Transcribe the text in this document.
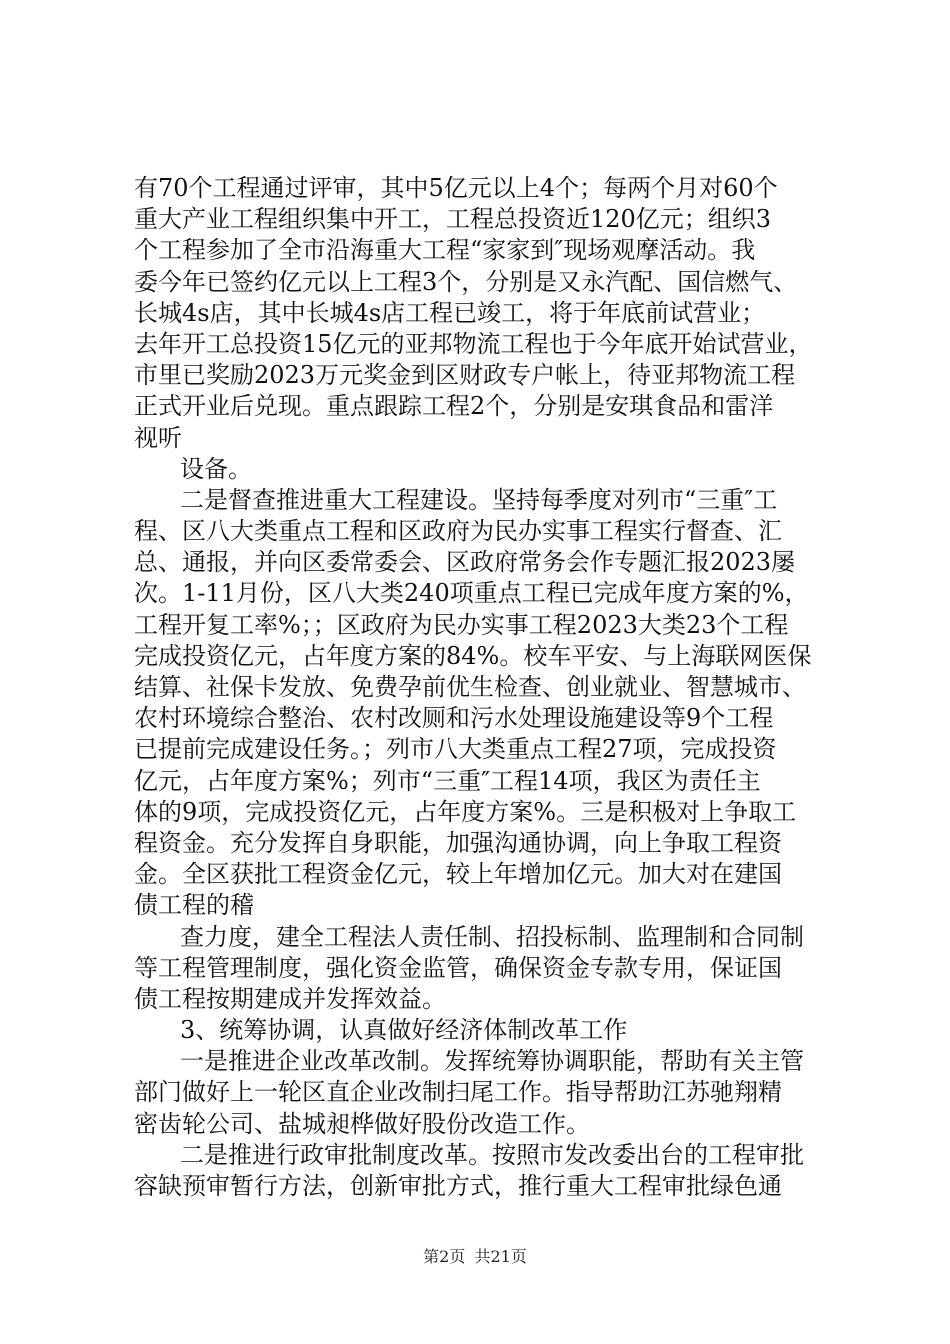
有70个工程通过评审，其中5亿元以上4个；每两个月对60个
重大产业工程组织集中开工，工程总投资近120亿元；组织3
个工程参加了全市沿海重大工程“家家到″现场观摩活动。我
委今年已签约亿元以上工程3个，分别是又永汽配、国信燃气、
长城4s店，其中长城4s店工程已竣工，将于年底前试营业；
去年开工总投资15亿元的亚邦物流工程也于今年底开始试营业，
市里已奖励2023万元奖金到区财政专户帐上，待亚邦物流工程
正式开业后兑现。重点跟踪工程2个，分别是安琪食品和雷洋
视听
设备。
二是督查推进重大工程建设。坚持每季度对列市“三重″工
程、区八大类重点工程和区政府为民办实事工程实行督查、汇
总、通报，并向区委常委会、区政府常务会作专题汇报2023屡
次。1-11月份，区八大类240项重点工程已完成年度方案的%，
工程开复工率%；；区政府为民办实事工程2023大类23个工程
完成投资亿元，占年度方案的84%。校车平安、与上海联网医保
结算、社保卡发放、免费孕前优生检查、创业就业、智慧城市、
农村环境综合整治、农村改厕和污水处理设施建设等9个工程
已提前完成建设任务。；列市八大类重点工程27项，完成投资
亿元，占年度方案%；列市“三重″工程14项，我区为责任主
体的9项，完成投资亿元，占年度方案%。三是积极对上争取工
程资金。充分发挥自身职能，加强沟通协调，向上争取工程资
金。全区获批工程资金亿元，较上年增加亿元。加大对在建国
债工程的稽
查力度，建全工程法人责任制、招投标制、监理制和合同制
等工程管理制度，强化资金监管，确保资金专款专用，保证国
债工程按期建成并发挥效益。
3、统筹协调，认真做好经济体制改革工作
一是推进企业改革改制。发挥统筹协调职能，帮助有关主管
部门做好上一轮区直企业改制扫尾工作。指导帮助江苏驰翔精
密齿轮公司、盐城昶桦做好股份改造工作。
二是推进行政审批制度改革。按照市发改委出台的工程审批
容缺预审暂行方法，创新审批方式，推行重大工程审批绿色通
第2页 共21页
